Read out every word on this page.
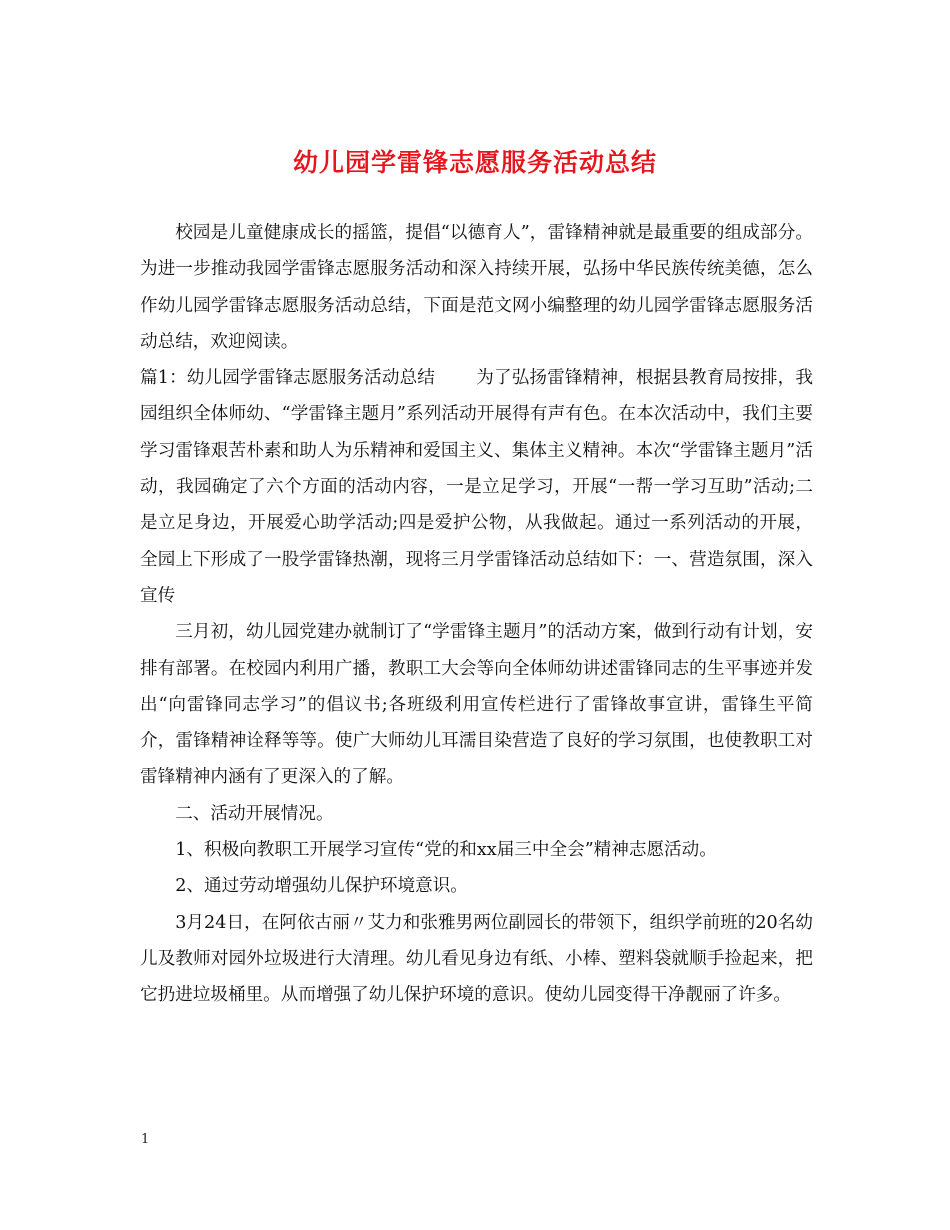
幼儿园学雷锋志愿服务活动总结

校园是儿童健康成长的摇篮，提倡“以德育人”，雷锋精神就是最重要的组成部分。为进一步推动我园学雷锋志愿服务活动和深入持续开展，弘扬中华民族传统美德，怎么作幼儿园学雷锋志愿服务活动总结，下面是范文网小编整理的幼儿园学雷锋志愿服务活动总结，欢迎阅读。

篇1：幼儿园学雷锋志愿服务活动总结　　 为了弘扬雷锋精神，根据县教育局按排，我园组织全体师幼、“学雷锋主题月”系列活动开展得有声有色。在本次活动中，我们主要学习雷锋艰苦朴素和助人为乐精神和爱国主义、集体主义精神。本次“学雷锋主题月”活动，我园确定了六个方面的活动内容，一是立足学习，开展“一帮一学习互助”活动;二是立足身边，开展爱心助学活动;四是爱护公物，从我做起。通过一系列活动的开展，全园上下形成了一股学雷锋热潮，现将三月学雷锋活动总结如下：一、营造氛围，深入宣传

三月初，幼儿园党建办就制订了“学雷锋主题月”的活动方案，做到行动有计划，安排有部署。在校园内利用广播，教职工大会等向全体师幼讲述雷锋同志的生平事迹并发出“向雷锋同志学习”的倡议书;各班级利用宣传栏进行了雷锋故事宣讲，雷锋生平简介，雷锋精神诠释等等。使广大师幼儿耳濡目染营造了良好的学习氛围，也使教职工对雷锋精神内涵有了更深入的了解。

二、活动开展情况。

1、积极向教职工开展学习宣传“党的和xx届三中全会”精神志愿活动。

2、通过劳动增强幼儿保护环境意识。

3月24日，在阿依古丽〃艾力和张雅男两位副园长的带领下，组织学前班的20名幼儿及教师对园外垃圾进行大清理。幼儿看见身边有纸、小棒、塑料袋就顺手捡起来，把它扔进垃圾桶里。从而增强了幼儿保护环境的意识。使幼儿园变得干净靓丽了许多。

1
